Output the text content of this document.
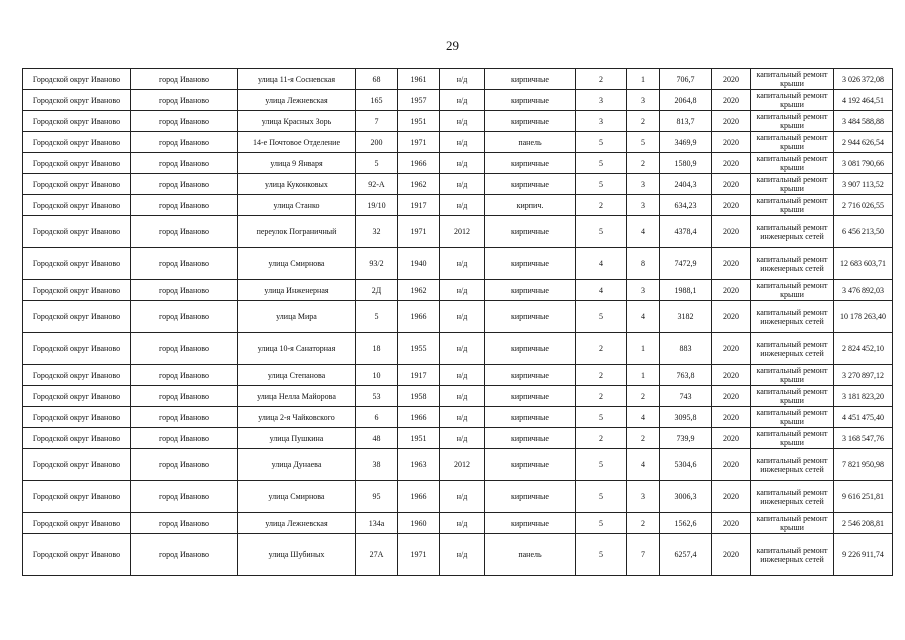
29
Городской округ Иваново	город Иваново	улица 11-я Сосневская	68	1961	н/д	кирпичные	2	1	706,7	2020	капитальный ремонт крыши	3 026 372,08
Городской округ Иваново	город Иваново	улица Лежневская	165	1957	н/д	кирпичные	3	3	2064,8	2020	капитальный ремонт крыши	4 192 464,51
Городской округ Иваново	город Иваново	улица Красных Зорь	7	1951	н/д	кирпичные	3	2	813,7	2020	капитальный ремонт крыши	3 484 588,88
Городской округ Иваново	город Иваново	14-е Почтовое Отделение	200	1971	н/д	панель	5	5	3469,9	2020	капитальный ремонт крыши	2 944 626,54
Городской округ Иваново	город Иваново	улица 9 Января	5	1966	н/д	кирпичные	5	2	1580,9	2020	капитальный ремонт крыши	3 081 790,66
Городской округ Иваново	город Иваново	улица Куконковых	92-А	1962	н/д	кирпичные	5	3	2404,3	2020	капитальный ремонт крыши	3 907 113,52
Городской округ Иваново	город Иваново	улица Станко	19/10	1917	н/д	кирпич.	2	3	634,23	2020	капитальный ремонт крыши	2 716 026,55
Городской округ Иваново	город Иваново	переулок Пограничный	32	1971	2012	кирпичные	5	4	4378,4	2020	капитальный ремонт инженерных сетей	6 456 213,50
Городской округ Иваново	город Иваново	улица Смирнова	93/2	1940	н/д	кирпичные	4	8	7472,9	2020	капитальный ремонт инженерных сетей	12 683 603,71
Городской округ Иваново	город Иваново	улица Инженерная	2Д	1962	н/д	кирпичные	4	3	1988,1	2020	капитальный ремонт крыши	3 476 892,03
Городской округ Иваново	город Иваново	улица Мира	5	1966	н/д	кирпичные	5	4	3182	2020	капитальный ремонт инженерных сетей	10 178 263,40
Городской округ Иваново	город Иваново	улица 10-я Санаторная	18	1955	н/д	кирпичные	2	1	883	2020	капитальный ремонт инженерных сетей	2 824 452,10
Городской округ Иваново	город Иваново	улица Степанова	10	1917	н/д	кирпичные	2	1	763,8	2020	капитальный ремонт крыши	3 270 897,12
Городской округ Иваново	город Иваново	улица Нелла Майорова	53	1958	н/д	кирпичные	2	2	743	2020	капитальный ремонт крыши	3 181 823,20
Городской округ Иваново	город Иваново	улица 2-я Чайковского	6	1966	н/д	кирпичные	5	4	3095,8	2020	капитальный ремонт крыши	4 451 475,40
Городской округ Иваново	город Иваново	улица Пушкина	48	1951	н/д	кирпичные	2	2	739,9	2020	капитальный ремонт крыши	3 168 547,76
Городской округ Иваново	город Иваново	улица Дунаева	38	1963	2012	кирпичные	5	4	5304,6	2020	капитальный ремонт инженерных сетей	7 821 950,98
Городской округ Иваново	город Иваново	улица Смирнова	95	1966	н/д	кирпичные	5	3	3006,3	2020	капитальный ремонт инженерных сетей	9 616 251,81
Городской округ Иваново	город Иваново	улица Лежневская	134а	1960	н/д	кирпичные	5	2	1562,6	2020	капитальный ремонт крыши	2 546 208,81
Городской округ Иваново	город Иваново	улица Шубиных	27А	1971	н/д	панель	5	7	6257,4	2020	капитальный ремонт инженерных сетей	9 226 911,74
